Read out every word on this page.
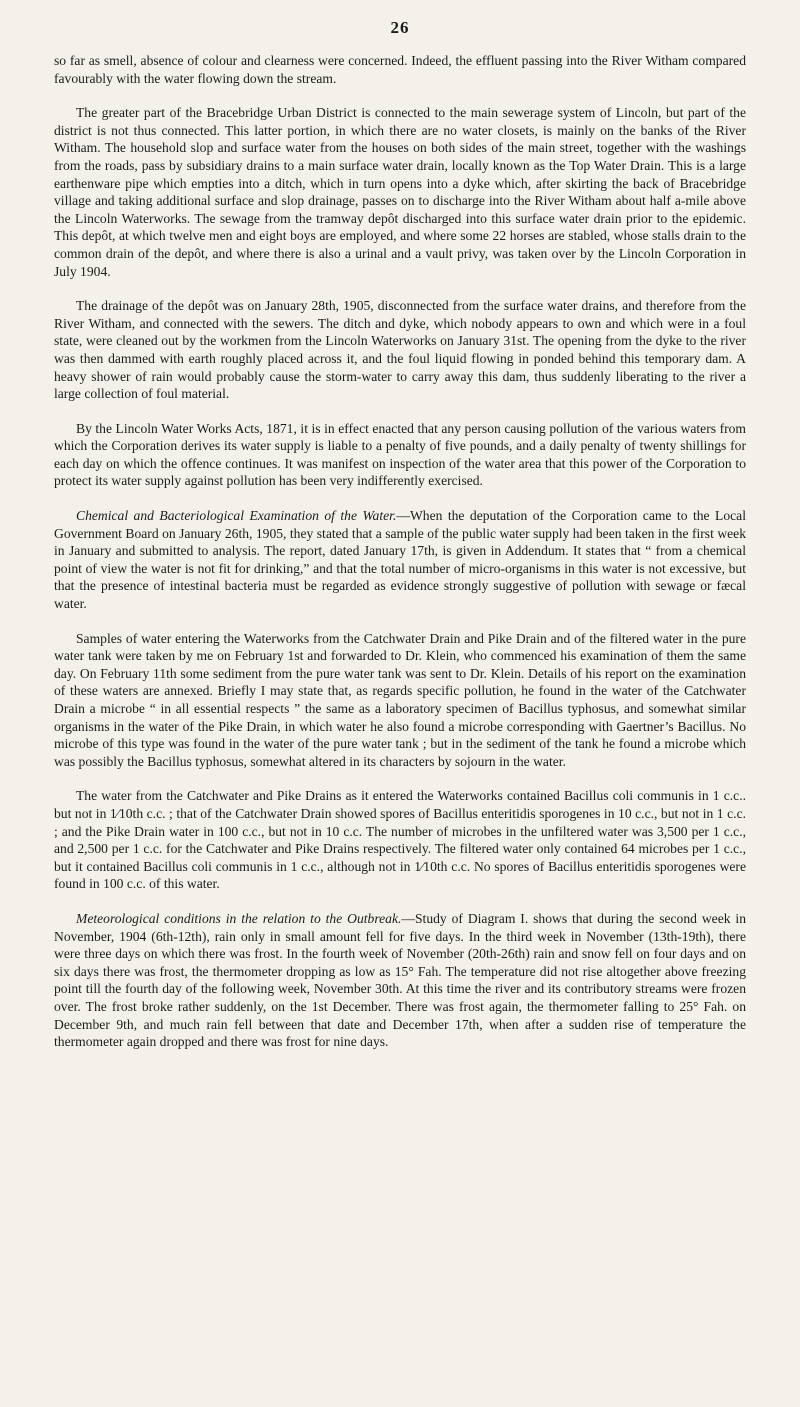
26

so far as smell, absence of colour and clearness were concerned. Indeed, the effluent passing into the River Witham compared favourably with the water flowing down the stream.

The greater part of the Bracebridge Urban District is connected to the main sewerage system of Lincoln, but part of the district is not thus connected. This latter portion, in which there are no water closets, is mainly on the banks of the River Witham. The household slop and surface water from the houses on both sides of the main street, together with the washings from the roads, pass by subsidiary drains to a main surface water drain, locally known as the Top Water Drain. This is a large earthenware pipe which empties into a ditch, which in turn opens into a dyke which, after skirting the back of Bracebridge village and taking additional surface and slop drainage, passes on to discharge into the River Witham about half a-mile above the Lincoln Waterworks. The sewage from the tramway depôt discharged into this surface water drain prior to the epidemic. This depôt, at which twelve men and eight boys are employed, and where some 22 horses are stabled, whose stalls drain to the common drain of the depôt, and where there is also a urinal and a vault privy, was taken over by the Lincoln Corporation in July 1904.

The drainage of the depôt was on January 28th, 1905, disconnected from the surface water drains, and therefore from the River Witham, and connected with the sewers. The ditch and dyke, which nobody appears to own and which were in a foul state, were cleaned out by the workmen from the Lincoln Waterworks on January 31st. The opening from the dyke to the river was then dammed with earth roughly placed across it, and the foul liquid flowing in ponded behind this temporary dam. A heavy shower of rain would probably cause the storm-water to carry away this dam, thus suddenly liberating to the river a large collection of foul material.

By the Lincoln Water Works Acts, 1871, it is in effect enacted that any person causing pollution of the various waters from which the Corporation derives its water supply is liable to a penalty of five pounds, and a daily penalty of twenty shillings for each day on which the offence continues. It was manifest on inspection of the water area that this power of the Corporation to protect its water supply against pollution has been very indifferently exercised.

Chemical and Bacteriological Examination of the Water.—When the deputation of the Corporation came to the Local Government Board on January 26th, 1905, they stated that a sample of the public water supply had been taken in the first week in January and submitted to analysis. The report, dated January 17th, is given in Addendum. It states that “ from a chemical point of view the water is not fit for drinking,” and that the total number of micro-organisms in this water is not excessive, but that the presence of intestinal bacteria must be regarded as evidence strongly suggestive of pollution with sewage or fæcal water.

Samples of water entering the Waterworks from the Catchwater Drain and Pike Drain and of the filtered water in the pure water tank were taken by me on February 1st and forwarded to Dr. Klein, who commenced his examination of them the same day. On February 11th some sediment from the pure water tank was sent to Dr. Klein. Details of his report on the examination of these waters are annexed. Briefly I may state that, as regards specific pollution, he found in the water of the Catchwater Drain a microbe “ in all essential respects ” the same as a laboratory specimen of Bacillus typhosus, and somewhat similar organisms in the water of the Pike Drain, in which water he also found a microbe corresponding with Gaertner’s Bacillus. No microbe of this type was found in the water of the pure water tank ; but in the sediment of the tank he found a microbe which was possibly the Bacillus typhosus, somewhat altered in its characters by sojourn in the water.

The water from the Catchwater and Pike Drains as it entered the Waterworks contained Bacillus coli communis in 1 c.c.. but not in 1⁄10th c.c. ; that of the Catchwater Drain showed spores of Bacillus enteritidis sporogenes in 10 c.c., but not in 1 c.c. ; and the Pike Drain water in 100 c.c., but not in 10 c.c. The number of microbes in the unfiltered water was 3,500 per 1 c.c., and 2,500 per 1 c.c. for the Catchwater and Pike Drains respectively. The filtered water only contained 64 microbes per 1 c.c., but it contained Bacillus coli communis in 1 c.c., although not in 1⁄10th c.c. No spores of Bacillus enteritidis sporogenes were found in 100 c.c. of this water.

Meteorological conditions in the relation to the Outbreak.—Study of Diagram I. shows that during the second week in November, 1904 (6th-12th), rain only in small amount fell for five days. In the third week in November (13th-19th), there were three days on which there was frost. In the fourth week of November (20th-26th) rain and snow fell on four days and on six days there was frost, the thermometer dropping as low as 15° Fah. The temperature did not rise altogether above freezing point till the fourth day of the following week, November 30th. At this time the river and its contributory streams were frozen over. The frost broke rather suddenly, on the 1st December. There was frost again, the thermometer falling to 25° Fah. on December 9th, and much rain fell between that date and December 17th, when after a sudden rise of temperature the thermometer again dropped and there was frost for nine days.
